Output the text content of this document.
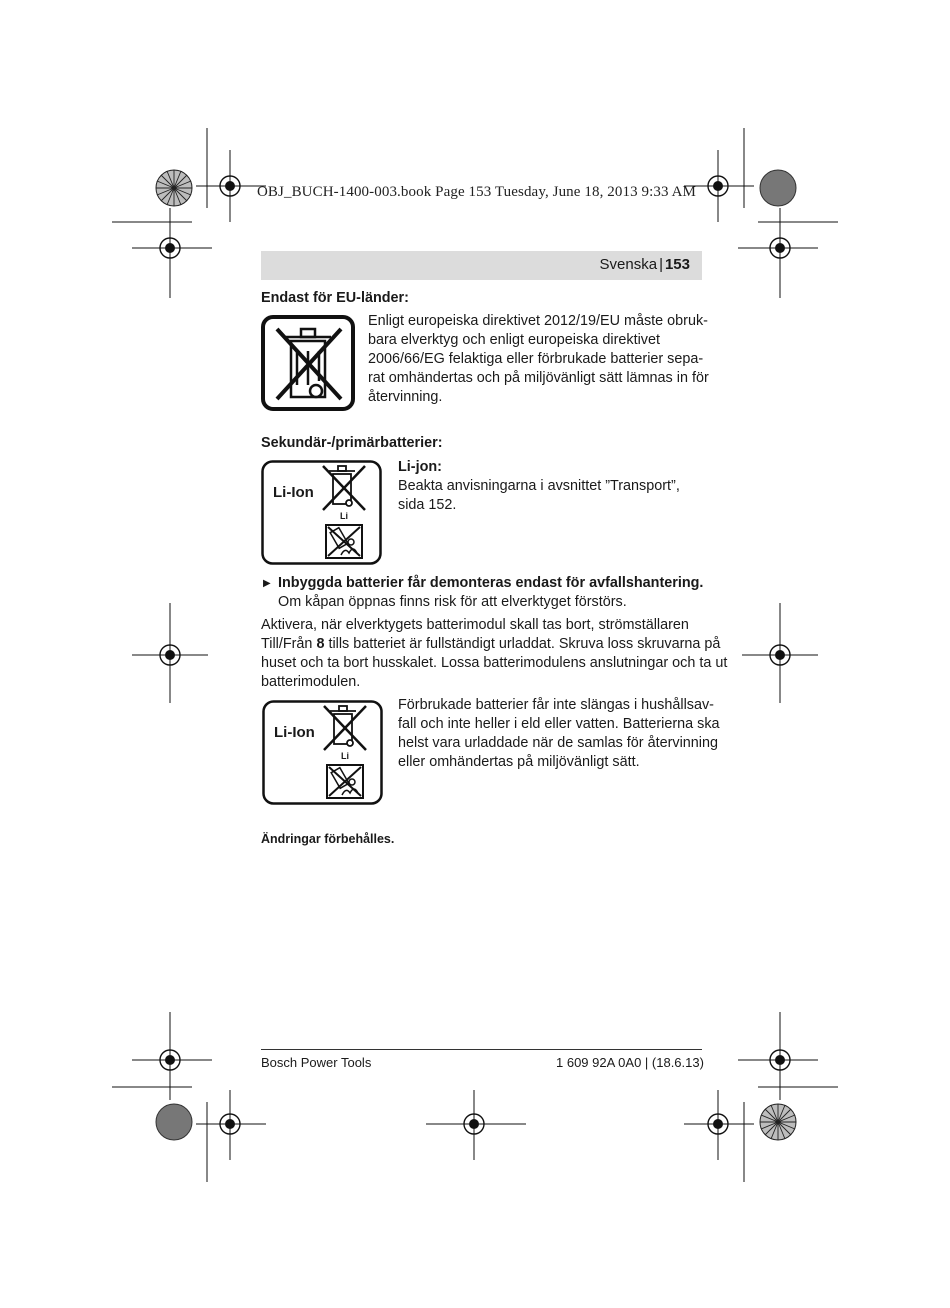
OBJ_BUCH-1400-003.book Page 153 Tuesday, June 18, 2013 9:33 AM
Svenska | 153
Endast för EU-länder:
Enligt europeiska direktivet 2012/19/EU måste obruk-
bara elverktyg och enligt europeiska direktivet
2006/66/EG felaktiga eller förbrukade batterier sepa-
rat omhändertas och på miljövänligt sätt lämnas in för
återvinning.
Sekundär-/primärbatterier:
Li-Ion
Li
Li-jon:
Beakta anvisningarna i avsnittet ”Transport”,
sida 152.
▶ Inbyggda batterier får demonteras endast för avfallshantering.
Om kåpan öppnas finns risk för att elverktyget förstörs.
Aktivera, när elverktygets batterimodul skall tas bort, strömställaren
Till/Från 8 tills batteriet är fullständigt urladdat. Skruva loss skruvarna på
huset och ta bort husskalet. Lossa batterimodulens anslutningar och ta ut
batterimodulen.
Li-Ion
Li
Förbrukade batterier får inte slängas i hushållsav-
fall och inte heller i eld eller vatten. Batterierna ska
helst vara urladdade när de samlas för återvinning
eller omhändertas på miljövänligt sätt.
Ändringar förbehålles.
Bosch Power Tools	1 609 92A 0A0 | (18.6.13)
